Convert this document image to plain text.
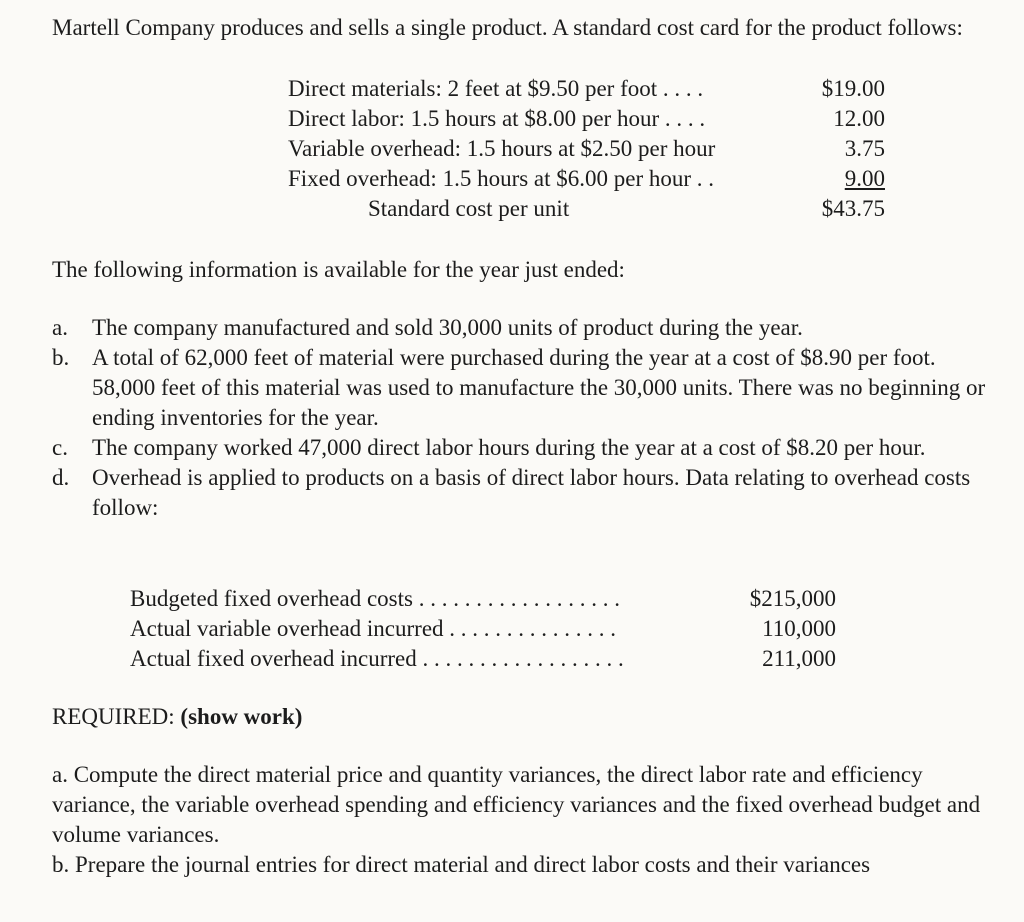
Martell Company produces and sells a single product. A standard cost card for the product follows:
Direct materials: 2 feet at $9.50 per foot . . . .	$19.00
Direct labor: 1.5 hours at $8.00 per hour . . . .	12.00
Variable overhead: 1.5 hours at $2.50 per hour	3.75
Fixed overhead: 1.5 hours at $6.00 per hour . .	9.00
Standard cost per unit	$43.75
The following information is available for the year just ended:
a. The company manufactured and sold 30,000 units of product during the year.
b. A total of 62,000 feet of material were purchased during the year at a cost of $8.90 per foot. 58,000 feet of this material was used to manufacture the 30,000 units. There was no beginning or ending inventories for the year.
c. The company worked 47,000 direct labor hours during the year at a cost of $8.20 per hour.
d. Overhead is applied to products on a basis of direct labor hours. Data relating to overhead costs follow:
Budgeted fixed overhead costs . . . . . . . . . . . . . . . . . .	$215,000
Actual variable overhead incurred . . . . . . . . . . . . . . .	110,000
Actual fixed overhead incurred . . . . . . . . . . . . . . . . . .	211,000
REQUIRED: (show work)
a. Compute the direct material price and quantity variances, the direct labor rate and efficiency variance, the variable overhead spending and efficiency variances and the fixed overhead budget and volume variances.
b. Prepare the journal entries for direct material and direct labor costs and their variances
